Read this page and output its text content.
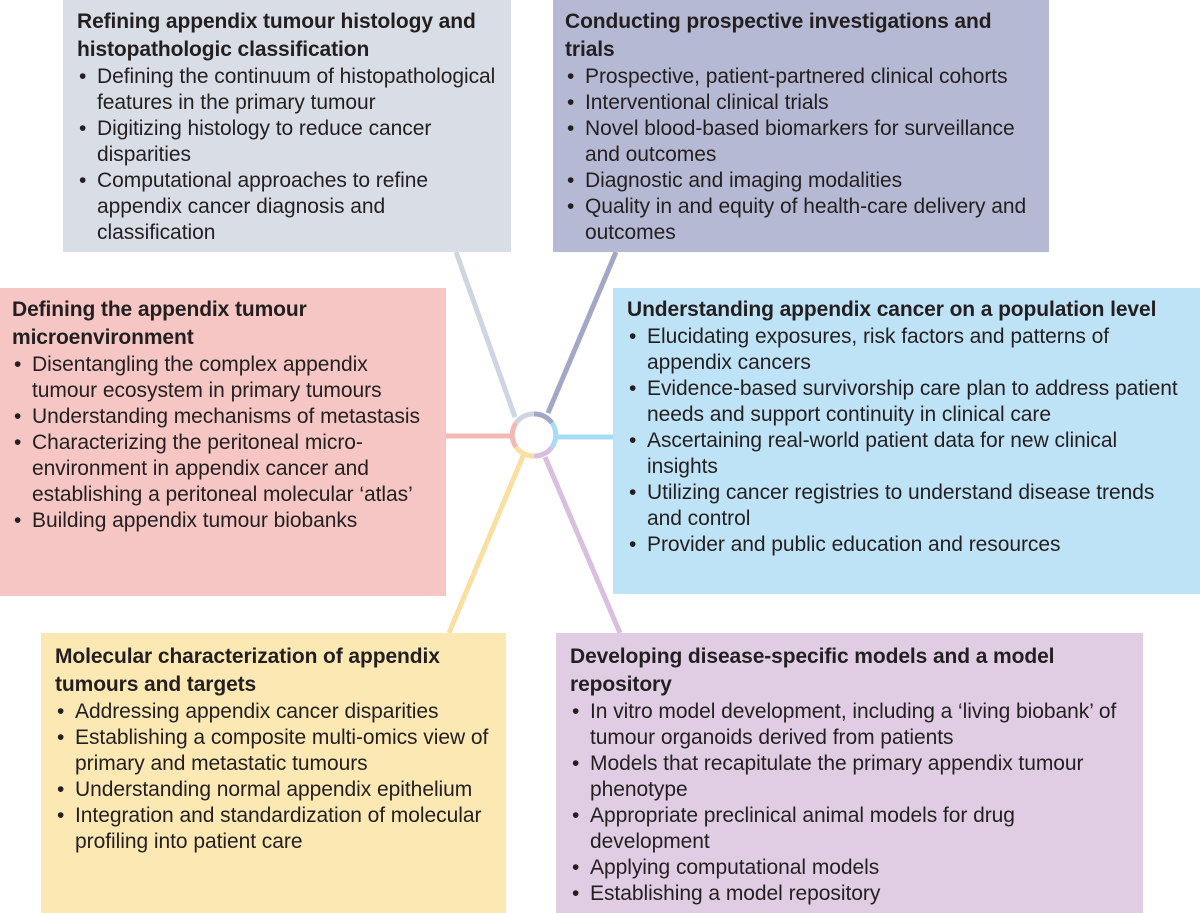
Refining appendix tumour histology and histopathologic classification
• Defining the continuum of histopathological features in the primary tumour
• Digitizing histology to reduce cancer disparities
• Computational approaches to refine appendix cancer diagnosis and classification
Conducting prospective investigations and trials
• Prospective, patient-partnered clinical cohorts
• Interventional clinical trials
• Novel blood-based biomarkers for surveillance and outcomes
• Diagnostic and imaging modalities
• Quality in and equity of health-care delivery and outcomes
Defining the appendix tumour microenvironment
• Disentangling the complex appendix tumour ecosystem in primary tumours
• Understanding mechanisms of metastasis
• Characterizing the peritoneal microenvironment in appendix cancer and establishing a peritoneal molecular ‘atlas’
• Building appendix tumour biobanks
Understanding appendix cancer on a population level
• Elucidating exposures, risk factors and patterns of appendix cancers
• Evidence-based survivorship care plan to address patient needs and support continuity in clinical care
• Ascertaining real-world patient data for new clinical insights
• Utilizing cancer registries to understand disease trends and control
• Provider and public education and resources
Molecular characterization of appendix tumours and targets
• Addressing appendix cancer disparities
• Establishing a composite multi-omics view of primary and metastatic tumours
• Understanding normal appendix epithelium
• Integration and standardization of molecular profiling into patient care
Developing disease-specific models and a model repository
• In vitro model development, including a ‘living biobank’ of tumour organoids derived from patients
• Models that recapitulate the primary appendix tumour phenotype
• Appropriate preclinical animal models for drug development
• Applying computational models
• Establishing a model repository
